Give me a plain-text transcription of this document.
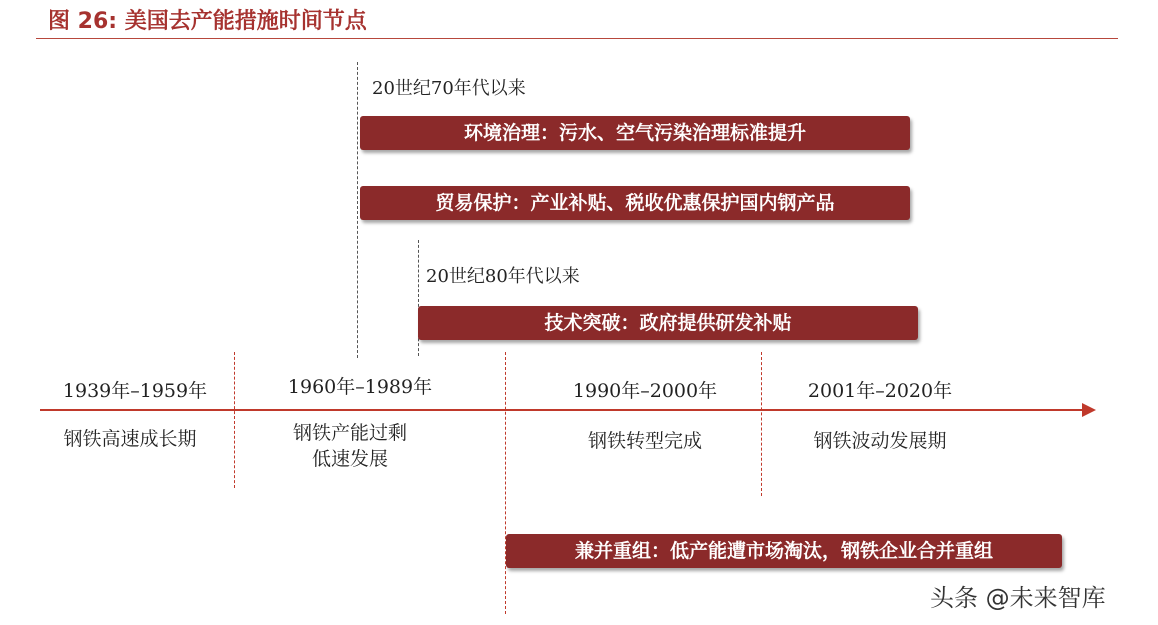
图 26: 美国去产能措施时间节点
20世纪70年代以来
20世纪80年代以来
环境治理：污水、空气污染治理标准提升
贸易保护：产业补贴、税收优惠保护国内钢产品
技术突破：政府提供研发补贴
兼并重组：低产能遭市场淘汰，钢铁企业合并重组
1939年–1959年	1960年–1989年	1990年–2000年	2001年–2020年
钢铁高速成长期	钢铁产能过剩
低速发展
钢铁转型完成	钢铁波动发展期
头条 @未来智库
